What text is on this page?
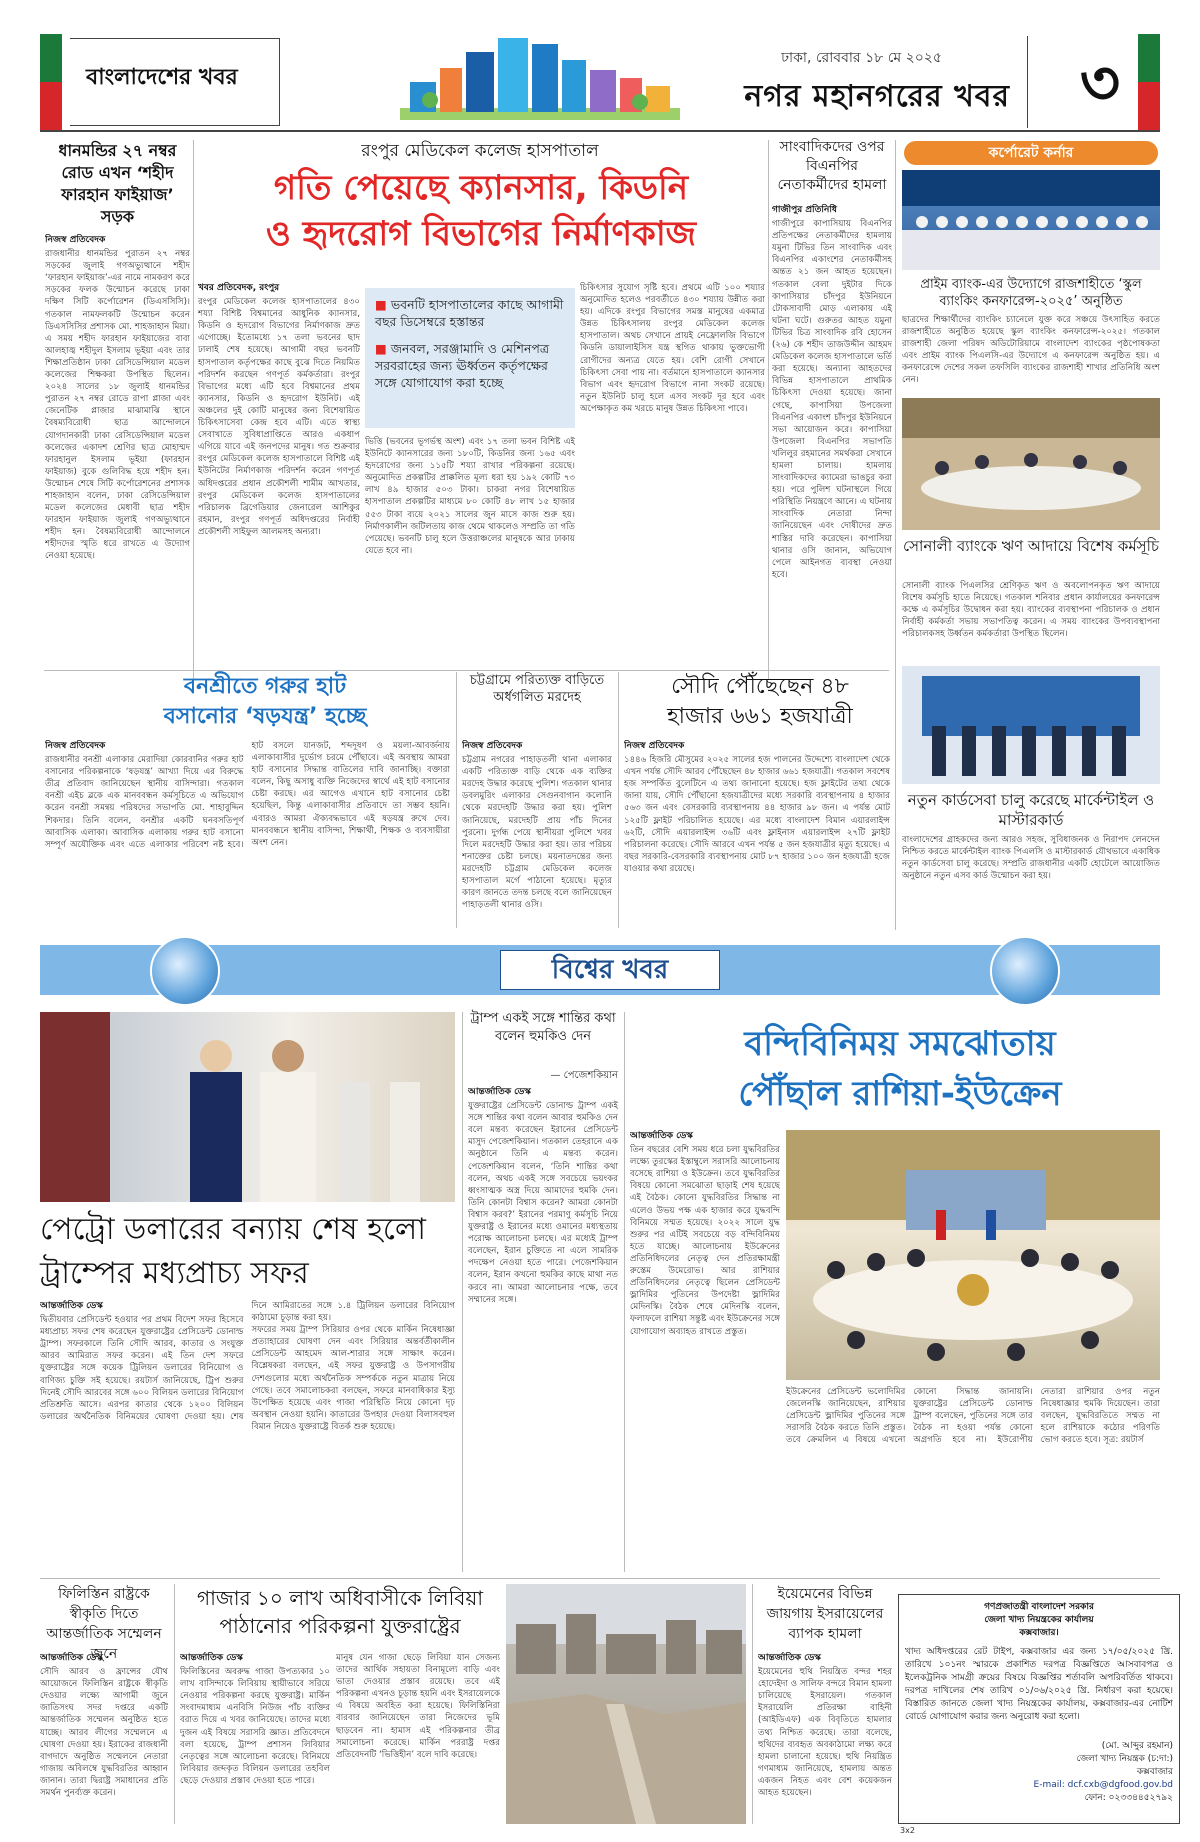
বাংলাদেশের খবর
ঢাকা, রোববার ১৮ মে ২০২৫
নগর মহানগরের খবর ৩
ধানমন্ডির ২৭ নম্বর রোড এখন ‘শহীদ ফারহান ফাইয়াজ’ সড়ক
নিজস্ব প্রতিবেদক
রাজধানীর ধানমন্ডির পুরাতন ২৭ নম্বর সড়কের জুলাই গণঅভ্যুত্থানে শহীদ ‘ফারহান ফাইয়াজ’-এর নামে নামকরণ করে সড়কের ফলক উন্মোচন করেছে ঢাকা দক্ষিণ সিটি কর্পোরেশন (ডিএসসিসি)। গতকাল নামফলকটি উন্মোচন করেন ডিএসসিসির প্রশাসক মো. শাহজাহান মিয়া। এ সময় শহীদ ফারহান ফাইয়াজের বাবা আলহাজ্ব শহীদুল ইসলাম ভূইয়া এবং তার শিক্ষাপ্রতিষ্ঠান ঢাকা রেসিডেন্সিয়াল মডেল কলেজের শিক্ষকরা উপস্থিত ছিলেন। ২০২৪ সালের ১৮ জুলাই ধানমন্ডির পুরাতন ২৭ নম্বর রোডে রাপা প্লাজা এবং জেনেটিক প্লাজার মাঝামাঝি স্থানে বৈষম্যবিরোধী ছাত্র আন্দোলনে যোগদানকারী ঢাকা রেসিডেন্সিয়াল মডেল কলেজের একাদশ শ্রেণির ছাত্র মোহাম্মদ ফারহানুল ইসলাম ভূইয়া (ফারহান ফাইয়াজ) বুকে গুলিবিদ্ধ হয়ে শহীদ হন। উন্মোচন শেষে সিটি কর্পোরেশনের প্রশাসক শাহজাহান বলেন, ঢাকা রেসিডেন্সিয়াল মডেল কলেজের মেধাবী ছাত্র শহীদ ফারহান ফাইয়াজ জুলাই গণঅভ্যুত্থানে শহীদ হন। বৈষম্যবিরোধী আন্দোলনে শহীদদের স্মৃতি ধরে রাখতে এ উদ্যোগ নেওয়া হয়েছে।
রংপুর মেডিকেল কলেজ হাসপাতাল
গতি পেয়েছে ক্যানসার, কিডনি
ও হৃদরোগ বিভাগের নির্মাণকাজ
খবর প্রতিবেদক, রংপুর
রংপুর মেডিকেল কলেজ হাসপাতালের ৪৩০ শয্যা বিশিষ্ট বিশ্বমানের আধুনিক ক্যানসার, কিডনি ও হৃদরোগ বিভাগের নির্মাণকাজ দ্রুত এগোচ্ছে। ইতোমধ্যে ১৭ তলা ভবনের ছাদ ঢালাই শেষ হয়েছে। আগামী বছর ভবনটি হাসপাতাল কর্তৃপক্ষের কাছে বুঝে দিতে নিয়মিত পরিদর্শন করছেন গণপূর্ত কর্মকর্তারা। রংপুর বিভাগের মধ্যে এটি হবে বিশ্বমানের প্রথম ক্যানসার, কিডনি ও হৃদরোগ ইউনিট। এই অঞ্চলের দুই কোটি মানুষের জন্য বিশেষায়িত চিকিৎসাসেবা কেন্দ্র হবে এটি। এতে স্বাস্থ্য সেবাখাতে সুবিধাপ্রাপ্তিতে আরও একধাপ এগিয়ে যাবে এই জনপদের মানুষ। গত শুক্রবার রংপুর মেডিকেল কলেজ হাসপাতালে বিশিষ্ট এই ইউনিটের নির্মাণকাজ পরিদর্শন করেন গণপূর্ত অধিদপ্তরের প্রধান প্রকৌশলী শামীম আখতার, রংপুর মেডিকেল কলেজ হাসপাতালের পরিচালক ব্রিগেডিয়ার জেনারেল আশিকুর রহমান, রংপুর গণপূর্ত অধিদপ্তরের নির্বাহী প্রকৌশলী সাইফুল আলমসহ অন্যরা।
■ ভবনটি হাসপাতালের কাছে আগামী বছর ডিসেম্বরে হস্তান্তর
■ জনবল, সরঞ্জামাদি ও মেশিনপত্র সরবরাহের জন্য ঊর্ধ্বতন কর্তৃপক্ষের সঙ্গে যোগাযোগ করা হচ্ছে
ভিত্তি (ভবনের ভূগর্ভস্থ অংশ) এবং ১৭ তলা ভবন বিশিষ্ট এই ইউনিটে ক্যানসারের জন্য ১৮০টি, কিডনির জন্য ১৬৫ এবং হৃদরোগের জন্য ১১৫টি শয্যা রাখার পরিকল্পনা রয়েছে। অনুমোদিত প্রকল্পটির প্রাক্কলিত মূল্য ধরা হয় ১৯২ কোটি ৭৩ লাখ ৪৯ হাজার ৫০৩ টাকা। চাকরা নগর বিশেষায়িত হাসপাতাল প্রকল্পটির মাধ্যমে ৮০ কোটি ৪৮ লাখ ১৫ হাজার ৫৫৩ টাকা ব্যয়ে ২০২১ সালের জুন মাসে কাজ শুরু হয়। নির্মাণকালীন জটিলতায় কাজ থেমে থাকলেও সম্প্রতি তা গতি পেয়েছে। ভবনটি চালু হলে উত্তরাঞ্চলের মানুষকে আর ঢাকায় যেতে হবে না।
চিকিৎসার সুযোগ সৃষ্টি হবে। প্রথমে এটি ১০০ শয্যার অনুমোদিত হলেও পরবর্তীতে ৪৩০ শয্যায় উন্নীত করা হয়। এদিকে রংপুর বিভাগের সমস্ত মানুষের একমাত্র উন্নত চিকিৎসালয় রংপুর মেডিকেল কলেজ হাসপাতাল। অথচ সেখানে প্রায়ই নেফ্রোলজি বিভাগে কিডনি ডায়ালাইসিস যন্ত্র স্থগিত থাকায় ভুক্তভোগী রোগীদের অন্যত্র যেতে হয়। বেশি রোগী সেখানে চিকিৎসা সেবা পায় না। বর্তমানে হাসপাতালে ক্যানসার বিভাগ এবং হৃদরোগ বিভাগে নানা সংকট রয়েছে। নতুন ইউনিট চালু হলে এসব সংকট দূর হবে এবং অপেক্ষাকৃত কম খরচে মানুষ উন্নত চিকিৎসা পাবে।
সাংবাদিকদের ওপর বিএনপির নেতাকর্মীদের হামলা
গাজীপুর প্রতিনিধি
গাজীপুরে কাপাসিয়ায় বিএনপির প্রতিপক্ষের নেতাকর্মীদের হামলায় যমুনা টিভির তিন সাংবাদিক এবং বিএনপির একাংশের নেতাকর্মীসহ অন্তত ২১ জন আহত হয়েছেন। গতকাল বেলা দুইটার দিকে কাপাসিয়ার চাঁদপুর ইউনিয়নে টোকসাবাদী মোড় এলাকায় এই ঘটনা ঘটে। গুরুতর আহত যমুনা টিভির চিত্র সাংবাদিক রবি হোসেন (২৬) কে শহীদ তাজউদ্দীন আহমদ মেডিকেল কলেজ হাসপাতালে ভর্তি করা হয়েছে। অন্যান্য আহতদের বিভিন্ন হাসপাতালে প্রাথমিক চিকিৎসা দেওয়া হয়েছে। জানা গেছে, কাপাসিয়া উপজেলা বিএনপির একাংশ চাঁদপুর ইউনিয়নে সভা আয়োজন করে। কাপাসিয়া উপজেলা বিএনপির সভাপতি খলিলুর রহমানের সমর্থকরা সেখানে হামলা চালায়। হামলায় সাংবাদিকদের ক্যামেরা ভাঙচুর করা হয়। পরে পুলিশ ঘটনাস্থলে গিয়ে পরিস্থিতি নিয়ন্ত্রণে আনে। এ ঘটনায় সাংবাদিক নেতারা নিন্দা জানিয়েছেন এবং দোষীদের দ্রুত শাস্তির দাবি করেছেন। কাপাসিয়া থানার ওসি জানান, অভিযোগ পেলে আইনগত ব্যবস্থা নেওয়া হবে।
কর্পোরেট কর্নার
প্রাইম ব্যাংক-এর উদ্যোগে রাজশাহীতে ‘স্কুল ব্যাংকিং কনফারেন্স-২০২৫’ অনুষ্ঠিত
ছাত্রদের শিক্ষার্থীদের ব্যাংকিং চ্যানেলে যুক্ত করে সঞ্চয়ে উৎসাহিত করতে রাজশাহীতে অনুষ্ঠিত হয়েছে স্কুল ব্যাংকিং কনফারেন্স-২০২৫। গতকাল রাজশাহী জেলা পরিষদ অডিটোরিয়ামে বাংলাদেশ ব্যাংকের পৃষ্ঠপোষকতা এবং প্রাইম ব্যাংক পিএলসি-এর উদ্যোগে এ কনফারেন্স অনুষ্ঠিত হয়। এ কনফারেন্সে দেশের সকল তফসিলি ব্যাংকের রাজশাহী শাখার প্রতিনিধি অংশ নেন।
সোনালী ব্যাংকে ঋণ আদায়ে বিশেষ কর্মসূচি
সোনালী ব্যাংক পিএলসির শ্রেণিকৃত ঋণ ও অবলোপনকৃত ঋণ আদায়ে বিশেষ কর্মসূচি হাতে নিয়েছে। গতকাল শনিবার প্রধান কার্যালয়ের কনফারেন্স কক্ষে এ কর্মসূচির উদ্বোধন করা হয়। ব্যাংকের ব্যবস্থাপনা পরিচালক ও প্রধান নির্বাহী কর্মকর্তা সভায় সভাপতিত্ব করেন। এ সময় ব্যাংকের উপব্যবস্থাপনা পরিচালকসহ উর্ধ্বতন কর্মকর্তারা উপস্থিত ছিলেন।
নতুন কার্ডসেবা চালু করেছে মার্কেন্টাইল ও মাস্টারকার্ড
বাংলাদেশের গ্রাহকদের জন্য আরও সহজ, সুবিধাজনক ও নিরাপদ লেনদেন নিশ্চিত করতে মার্কেন্টাইল ব্যাংক পিএলসি ও মাস্টারকার্ড যৌথভাবে একাধিক নতুন কার্ডসেবা চালু করেছে। সম্প্রতি রাজধানীর একটি হোটেলে আয়োজিত অনুষ্ঠানে নতুন এসব কার্ড উন্মোচন করা হয়।
বনশ্রীতে গরুর হাট
বসানোর ‘ষড়যন্ত্র’ হচ্ছে
চট্টগ্রামে পরিত্যক্ত বাড়িতে অর্ধগলিত মরদেহ	সৌদি পৌঁছেছেন ৪৮
হাজার ৬৬১ হজযাত্রী
নিজস্ব প্রতিবেদক
রাজধানীর বনশ্রী এলাকার মেরাদিয়া কোরবানির গরুর হাট বসানোর পরিকল্পনাকে ‘ষড়যন্ত্র’ আখ্যা দিয়ে এর বিরুদ্ধে তীব্র প্রতিবাদ জানিয়েছেন স্থানীয় বাসিন্দারা। গতকাল বনশ্রী এইচ ব্লকে এক মানববন্ধন কর্মসূচিতে এ অভিযোগ করেন বনশ্রী সমন্বয় পরিষদের সভাপতি মো. শাহাবুদ্দিন শিকদার। তিনি বলেন, বনশ্রীর একটি ঘনবসতিপূর্ণ আবাসিক এলাকা। আবাসিক এলাকায় গরুর হাট বসানো সম্পূর্ণ অযৌক্তিক এবং এতে এলাকার পরিবেশ নষ্ট হবে। হাট বসলে যানজট, শব্দদূষণ ও ময়লা-আবর্জনায় এলাকাবাসীর দুর্ভোগ চরমে পৌঁছাবে। এই অবস্থায় আমরা হাট বসানোর সিদ্ধান্ত বাতিলের দাবি জানাচ্ছি। বক্তারা বলেন, কিছু অসাধু ব্যক্তি নিজেদের স্বার্থে এই হাট বসানোর চেষ্টা করছে। এর আগেও এখানে হাট বসানোর চেষ্টা হয়েছিল, কিন্তু এলাকাবাসীর প্রতিবাদে তা সম্ভব হয়নি। এবারও আমরা ঐক্যবদ্ধভাবে এই ষড়যন্ত্র রুখে দেব। মানববন্ধনে স্থানীয় বাসিন্দা, শিক্ষার্থী, শিক্ষক ও ব্যবসায়ীরা অংশ নেন।
নিজস্ব প্রতিবেদক
চট্টগ্রাম নগরের পাহাড়তলী থানা এলাকার একটি পরিত্যক্ত বাড়ি থেকে এক ব্যক্তির মরদেহ উদ্ধার করেছে পুলিশ। গতকাল থানার ডবলমুরিং এলাকার সেগুনবাগান কলোনি থেকে মরদেহটি উদ্ধার করা হয়। পুলিশ জানিয়েছে, মরদেহটি প্রায় পাঁচ দিনের পুরনো। দুর্গন্ধ পেয়ে স্থানীয়রা পুলিশে খবর দিলে মরদেহটি উদ্ধার করা হয়। তার পরিচয় শনাক্তের চেষ্টা চলছে। ময়নাতদন্তের জন্য মরদেহটি চট্টগ্রাম মেডিকেল কলেজ হাসপাতাল মর্গে পাঠানো হয়েছে। মৃত্যুর কারণ জানতে তদন্ত চলছে বলে জানিয়েছেন পাহাড়তলী থানার ওসি।
নিজস্ব প্রতিবেদক
১৪৪৬ হিজরি মৌসুমের ২০২৫ সালের হজ পালনের উদ্দেশ্যে বাংলাদেশ থেকে এখন পর্যন্ত সৌদি আরব পৌঁছেছেন ৪৮ হাজার ৬৬১ হজযাত্রী। গতকাল সবশেষ হজ সম্পর্কিত বুলেটিনে এ তথ্য জানানো হয়েছে। হজ ফ্লাইটের তথ্য থেকে জানা যায়, সৌদি পৌঁছানো হজযাত্রীদের মধ্যে সরকারি ব্যবস্থাপনায় ৪ হাজার ৫৬৩ জন এবং বেসরকারি ব্যবস্থাপনায় ৪৪ হাজার ৯৮ জন। এ পর্যন্ত মোট ১২৫টি ফ্লাইট পরিচালিত হয়েছে। এর মধ্যে বাংলাদেশ বিমান এয়ারলাইন্স ৬২টি, সৌদি এয়ারলাইন্স ৩৬টি এবং ফ্লাইনাস এয়ারলাইন্স ২৭টি ফ্লাইট পরিচালনা করেছে। সৌদি আরবে এখন পর্যন্ত ৫ জন হজযাত্রীর মৃত্যু হয়েছে। এ বছর সরকারি-বেসরকারি ব্যবস্থাপনায় মোট ৮৭ হাজার ১০০ জন হজযাত্রী হজে যাওয়ার কথা রয়েছে।
বিশ্বের খবর
পেট্রো ডলারের বন্যায় শেষ হলো ট্রাম্পের মধ্যপ্রাচ্য সফর
আন্তর্জাতিক ডেস্ক
দ্বিতীয়বার প্রেসিডেন্ট হওয়ার পর প্রথম বিদেশ সফর হিসেবে মধ্যপ্রাচ্য সফর শেষ করেছেন যুক্তরাষ্ট্রের প্রেসিডেন্ট ডোনাল্ড ট্রাম্প। সফরকালে তিনি সৌদি আরব, কাতার ও সংযুক্ত আরব আমিরাত সফর করেন। এই তিন দেশ সফরে যুক্তরাষ্ট্রের সঙ্গে কয়েক ট্রিলিয়ন ডলারের বিনিয়োগ ও বাণিজ্য চুক্তি সই হয়েছে। রয়টার্স জানিয়েছে, ট্রিপ শুরুর দিনেই সৌদি আরবের সঙ্গে ৬০০ বিলিয়ন ডলারের বিনিয়োগ প্রতিশ্রুতি আসে। এরপর কাতার থেকে ১২০০ বিলিয়ন ডলারের অর্থনৈতিক বিনিময়ের ঘোষণা দেওয়া হয়। শেষ দিনে আমিরাতের সঙ্গে ১.৪ ট্রিলিয়ন ডলারের বিনিয়োগ কাঠামো চূড়ান্ত করা হয়।
সফরের সময় ট্রাম্প সিরিয়ার ওপর থেকে মার্কিন নিষেধাজ্ঞা প্রত্যাহারের ঘোষণা দেন এবং সিরিয়ার অন্তর্বর্তীকালীন প্রেসিডেন্ট আহমেদ আল-শারার সঙ্গে সাক্ষাৎ করেন। বিশ্লেষকরা বলছেন, এই সফর যুক্তরাষ্ট্র ও উপসাগরীয় দেশগুলোর মধ্যে অর্থনৈতিক সম্পর্ককে নতুন মাত্রায় নিয়ে গেছে। তবে সমালোচকরা বলছেন, সফরে মানবাধিকার ইস্যু উপেক্ষিত হয়েছে এবং গাজা পরিস্থিতি নিয়ে কোনো দৃঢ় অবস্থান নেওয়া হয়নি। কাতারের উপহার দেওয়া বিলাসবহুল বিমান নিয়েও যুক্তরাষ্ট্রে বিতর্ক শুরু হয়েছে।
ট্রাম্প একই সঙ্গে শান্তির কথা বলেন হুমকিও দেন
— পেজেশকিয়ান
আন্তর্জাতিক ডেস্ক
যুক্তরাষ্ট্রের প্রেসিডেন্ট ডোনাল্ড ট্রাম্প একই সঙ্গে শান্তির কথা বলেন আবার হুমকিও দেন বলে মন্তব্য করেছেন ইরানের প্রেসিডেন্ট মাসুদ পেজেশকিয়ান। গতকাল তেহরানে এক অনুষ্ঠানে তিনি এ মন্তব্য করেন। পেজেশকিয়ান বলেন, ‘তিনি শান্তির কথা বলেন, অথচ একই সঙ্গে সবচেয়ে ভয়ংকর ধ্বংসাত্মক অস্ত্র দিয়ে আমাদের হুমকি দেন। তিনি কোনটা বিশ্বাস করেন? আমরা কোনটা বিশ্বাস করব?’ ইরানের পরমাণু কর্মসূচি নিয়ে যুক্তরাষ্ট্র ও ইরানের মধ্যে ওমানের মধ্যস্থতায় পরোক্ষ আলোচনা চলছে। এর মধ্যেই ট্রাম্প বলেছেন, ইরান চুক্তিতে না এলে সামরিক পদক্ষেপ নেওয়া হতে পারে। পেজেশকিয়ান বলেন, ইরান কখনো হুমকির কাছে মাথা নত করবে না। আমরা আলোচনার পক্ষে, তবে সম্মানের সঙ্গে।
বন্দিবিনিময় সমঝোতায়
পৌঁছাল রাশিয়া-ইউক্রেন
আন্তর্জাতিক ডেস্ক
তিন বছরের বেশি সময় ধরে চলা যুদ্ধবিরতির লক্ষ্যে তুরস্কের ইস্তাম্বুলে সরাসরি আলোচনায় বসেছে রাশিয়া ও ইউক্রেন। তবে যুদ্ধবিরতির বিষয়ে কোনো সমঝোতা ছাড়াই শেষ হয়েছে এই বৈঠক। কোনো যুদ্ধবিরতির সিদ্ধান্ত না এলেও উভয় পক্ষ এক হাজার করে যুদ্ধবন্দি বিনিময়ে সম্মত হয়েছে। ২০২২ সালে যুদ্ধ শুরুর পর এটিই সবচেয়ে বড় বন্দিবিনিময় হতে যাচ্ছে। আলোচনায় ইউক্রেনের প্রতিনিধিদলের নেতৃত্ব দেন প্রতিরক্ষামন্ত্রী রুস্তেম উমেরোভ। আর রাশিয়ার প্রতিনিধিদলের নেতৃত্বে ছিলেন প্রেসিডেন্ট ভ্লাদিমির পুতিনের উপদেষ্টা ভ্লাদিমির মেদিনস্কি। বৈঠক শেষে মেদিনস্কি বলেন, ফলাফলে রাশিয়া সন্তুষ্ট এবং ইউক্রেনের সঙ্গে যোগাযোগ অব্যাহত রাখতে প্রস্তুত।
ইউক্রেনের প্রেসিডেন্ট ভলোদিমির জেলেনস্কি জানিয়েছেন, রাশিয়ার প্রেসিডেন্ট ভ্লাদিমির পুতিনের সঙ্গে সরাসরি বৈঠক করতে তিনি প্রস্তুত। তবে ক্রেমলিন এ বিষয়ে এখনো কোনো সিদ্ধান্ত জানায়নি। যুক্তরাষ্ট্রের প্রেসিডেন্ট ডোনাল্ড ট্রাম্প বলেছেন, পুতিনের সঙ্গে তার বৈঠক না হওয়া পর্যন্ত কোনো অগ্রগতি হবে না। ইউরোপীয় নেতারা রাশিয়ার ওপর নতুন নিষেধাজ্ঞার হুমকি দিয়েছেন। তারা বলছেন, যুদ্ধবিরতিতে সম্মত না হলে রাশিয়াকে কঠোর পরিণতি ভোগ করতে হবে। সূত্র: রয়টার্স
ফিলিস্তিন রাষ্ট্রকে স্বীকৃতি দিতে আন্তর্জাতিক সম্মেলন জুনে
আন্তর্জাতিক ডেস্ক
সৌদি আরব ও ফ্রান্সের যৌথ আয়োজনে ফিলিস্তিন রাষ্ট্রকে স্বীকৃতি দেওয়ার লক্ষ্যে আগামী জুনে জাতিসংঘ সদর দপ্তরে একটি আন্তর্জাতিক সম্মেলন অনুষ্ঠিত হতে যাচ্ছে। আরব লীগের সম্মেলনে এ ঘোষণা দেওয়া হয়। ইরাকের রাজধানী বাগদাদে অনুষ্ঠিত সম্মেলনে নেতারা গাজায় অবিলম্বে যুদ্ধবিরতির আহ্বান জানান। তারা দ্বিরাষ্ট্র সমাধানের প্রতি সমর্থন পুনর্ব্যক্ত করেন।
গাজার ১০ লাখ অধিবাসীকে লিবিয়া পাঠানোর পরিকল্পনা যুক্তরাষ্ট্রের
আন্তর্জাতিক ডেস্ক
ফিলিস্তিনের অবরুদ্ধ গাজা উপত্যকার ১০ লাখ বাসিন্দাকে লিবিয়ায় স্থায়ীভাবে সরিয়ে নেওয়ার পরিকল্পনা করছে যুক্তরাষ্ট্র। মার্কিন সংবাদমাধ্যম এনবিসি নিউজ পাঁচ ব্যক্তির বরাত দিয়ে এ খবর জানিয়েছে। তাদের মধ্যে দুজন এই বিষয়ে সরাসরি জ্ঞাত। প্রতিবেদনে বলা হয়েছে, ট্রাম্প প্রশাসন লিবিয়ার নেতৃত্বের সঙ্গে আলোচনা করেছে। বিনিময়ে লিবিয়ার জব্দকৃত বিলিয়ন ডলারের তহবিল ছেড়ে দেওয়ার প্রস্তাব দেওয়া হতে পারে।
মানুষ যেন গাজা ছেড়ে লিবিয়া যান সেজন্য তাদের আর্থিক সহায়তা বিনামূল্যে বাড়ি এবং ভাতা দেওয়ার প্রস্তাব রয়েছে। তবে এই পরিকল্পনা এখনও চূড়ান্ত হয়নি এবং ইসরায়েলকে এ বিষয়ে অবহিত করা হয়েছে। ফিলিস্তিনিরা বারবার জানিয়েছেন তারা নিজেদের ভূমি ছাড়বেন না। হামাস এই পরিকল্পনার তীব্র সমালোচনা করেছে। মার্কিন পররাষ্ট্র দপ্তর প্রতিবেদনটি ‘ভিত্তিহীন’ বলে দাবি করেছে।
ইয়েমেনের বিভিন্ন জায়গায় ইসরায়েলের ব্যাপক হামলা
আন্তর্জাতিক ডেস্ক
ইয়েমেনের হুথি নিয়ন্ত্রিত বন্দর শহর হোদেইদা ও সালিফ বন্দরে বিমান হামলা চালিয়েছে ইসরায়েল। গতকাল ইসরায়েলি প্রতিরক্ষা বাহিনী (আইডিএফ) এক বিবৃতিতে হামলার তথ্য নিশ্চিত করেছে। তারা বলেছে, হুথিদের ব্যবহৃত অবকাঠামো লক্ষ্য করে হামলা চালানো হয়েছে। হুথি নিয়ন্ত্রিত গণমাধ্যম জানিয়েছে, হামলায় অন্তত একজন নিহত এবং বেশ কয়েকজন আহত হয়েছেন।
গণপ্রজাতন্ত্রী বাংলাদেশ সরকার
জেলা খাদ্য নিয়ন্ত্রকের কার্যালয়
কক্সবাজার।
খাদ্য অধিদপ্তরের রেট টাইপ, কক্সবাজার এর জন্য ১৭/০৫/২০২৫ খ্রি. তারিখে ১০১নং স্মারকে প্রকাশিত দরপত্র বিজ্ঞপ্তিতে আসবাবপত্র ও ইলেকট্রনিক সামগ্রী ক্রয়ের বিষয়ে বিজ্ঞপ্তির শর্তাবলি অপরিবর্তিত থাকবে। দরপত্র দাখিলের শেষ তারিখ ০১/০৬/২০২৫ খ্রি. নির্ধারণ করা হয়েছে। বিস্তারিত জানতে জেলা খাদ্য নিয়ন্ত্রকের কার্যালয়, কক্সবাজার-এর নোটিশ বোর্ডে যোগাযোগ করার জন্য অনুরোধ করা হলো।
(মো. আব্দুর রহমান)
জেলা খাদ্য নিয়ন্ত্রক (চ:দা:)
কক্সবাজার
E-mail: dcf.cxb@dgfood.gov.bd
ফোন: ০২৩৩৪৪৫২৭৯২
3x2
